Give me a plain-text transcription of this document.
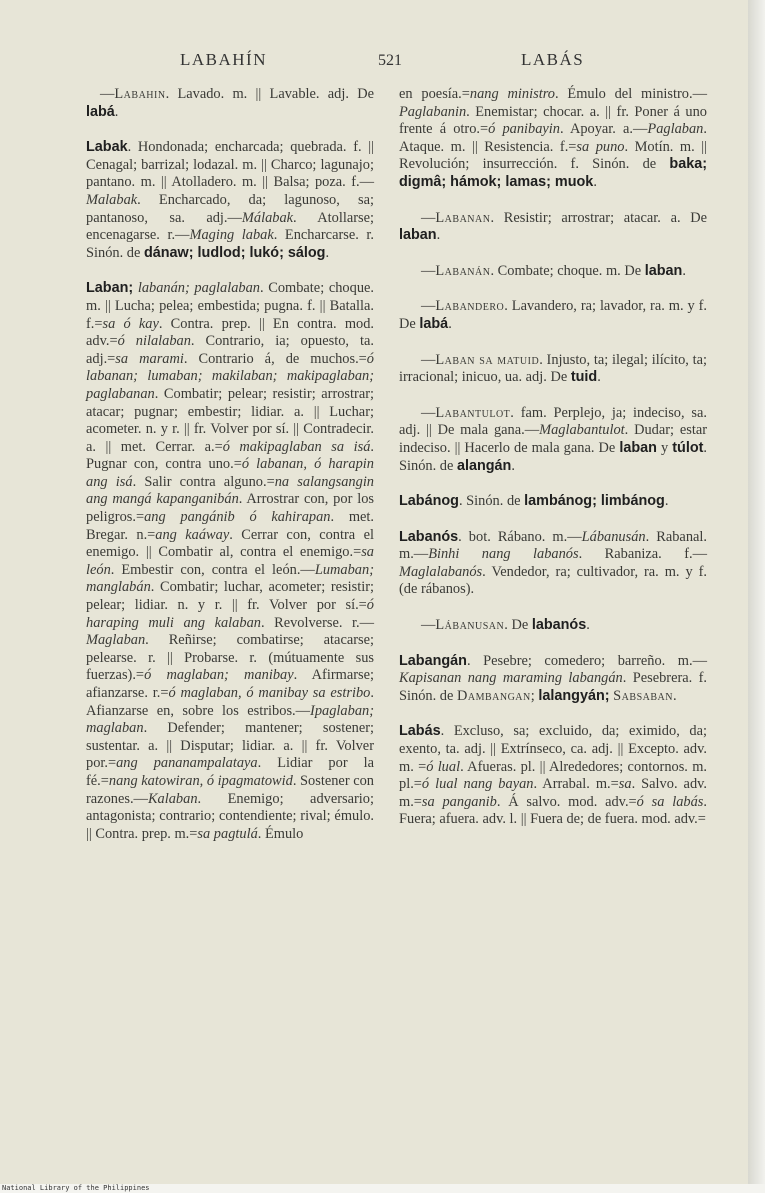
LABAHÍN	521	LABÁS

—Labahin. Lavado. m. || Lavable. adj. De labá.

Labak. Hondonada; encharcada; quebrada. f. || Cenagal; barrizal; lodazal. m. || Charco; lagunajo; pantano. m. || Atolladero. m. || Balsa; poza. f.—Malabak. Encharcado, da; lagunoso, sa; pantanoso, sa. adj.—Málabak. Atollarse; encenagarse. r.—Maging labak. Encharcarse. r. Sinón. de dánaw; ludlod; lukó; sálog.

Laban; labanán; paglalaban. Combate; choque. m. || Lucha; pelea; embestida; pugna. f. || Batalla. f.=sa ó kay. Contra. prep. || En contra. mod. adv.=ó nilalaban. Contrario, ia; opuesto, ta. adj.=sa marami. Contrario á, de muchos.=ó labanan; lumaban; makilaban; makipaglaban; paglabanan. Combatir; pelear; resistir; arrostrar; atacar; pugnar; embestir; lidiar. a. || Luchar; acometer. n. y r. || fr. Volver por sí. || Contradecir. a. || met. Cerrar. a.=ó makipaglaban sa isá. Pugnar con, contra uno.=ó labanan, ó harapin ang isá. Salir contra alguno.=na salangsangin ang mangá kapanganibán. Arrostrar con, por los peligros.=ang pangánib ó kahirapan. met. Bregar. n.=ang kaáway. Cerrar con, contra el enemigo. || Combatir al, contra el enemigo.=sa león. Embestir con, contra el león.—Lumaban; manglabán. Combatir; luchar, acometer; resistir; pelear; lidiar. n. y r. || fr. Volver por sí.=ó haraping muli ang kalaban. Revolverse. r.—Maglaban. Reñirse; combatirse; atacarse; pelearse. r. || Probarse. r. (mútuamente sus fuerzas).=ó maglaban; manibay. Afirmarse; afianzarse. r.=ó maglaban, ó manibay sa estribo. Afianzarse en, sobre los estribos.—Ipaglaban; maglaban. Defender; mantener; sostener; sustentar. a. || Disputar; lidiar. a. || fr. Volver por.=ang pananampalataya. Lidiar por la fé.=nang katowiran, ó ipagmatowid. Sostener con razones.—Kalaban. Enemigo; adversario; antagonista; contrario; contendiente; rival; émulo. || Contra. prep. m.=sa pagtulá. Émulo

en poesía.=nang ministro. Émulo del ministro.—Paglabanin. Enemistar; chocar. a. || fr. Poner á uno frente á otro.=ó panibayin. Apoyar. a.—Paglaban. Ataque. m. || Resistencia. f.=sa puno. Motín. m. || Revolución; insurrección. f. Sinón. de baka; digmâ; hámok; lamas; muok.

—Labanan. Resistir; arrostrar; atacar. a. De laban.

—Labanán. Combate; choque. m. De laban.

—Labandero. Lavandero, ra; lavador, ra. m. y f. De labá.

—Laban sa matuid. Injusto, ta; ilegal; ilícito, ta; irracional; inicuo, ua. adj. De tuid.

—Labantulot. fam. Perplejo, ja; indeciso, sa. adj. || De mala gana.—Maglabantulot. Dudar; estar indeciso. || Hacerlo de mala gana. De laban y túlot. Sinón. de alangán.

Labánog. Sinón. de lambánog; limbánog.

Labanós. bot. Rábano. m.—Lábanusán. Rabanal. m.—Binhi nang labanós. Rabaniza. f.—Maglalabanós. Vendedor, ra; cultivador, ra. m. y f. (de rábanos).

—Lábanusan. De labanós.

Labangán. Pesebre; comedero; barreño. m.—Kapisanan nang maraming labangán. Pesebrera. f. Sinón. de Dambangan; lalangyán; Sabsaban.

Labás. Excluso, sa; excluido, da; eximido, da; exento, ta. adj. || Extrínseco, ca. adj. || Excepto. adv. m. =ó lual. Afueras. pl. || Alrededores; contornos. m. pl.=ó lual nang bayan. Arrabal. m.=sa. Salvo. adv. m.=sa panganib. Á salvo. mod. adv.=ó sa labás. Fuera; afuera. adv. l. || Fuera de; de fuera. mod. adv.=

National Library of the Philippines
